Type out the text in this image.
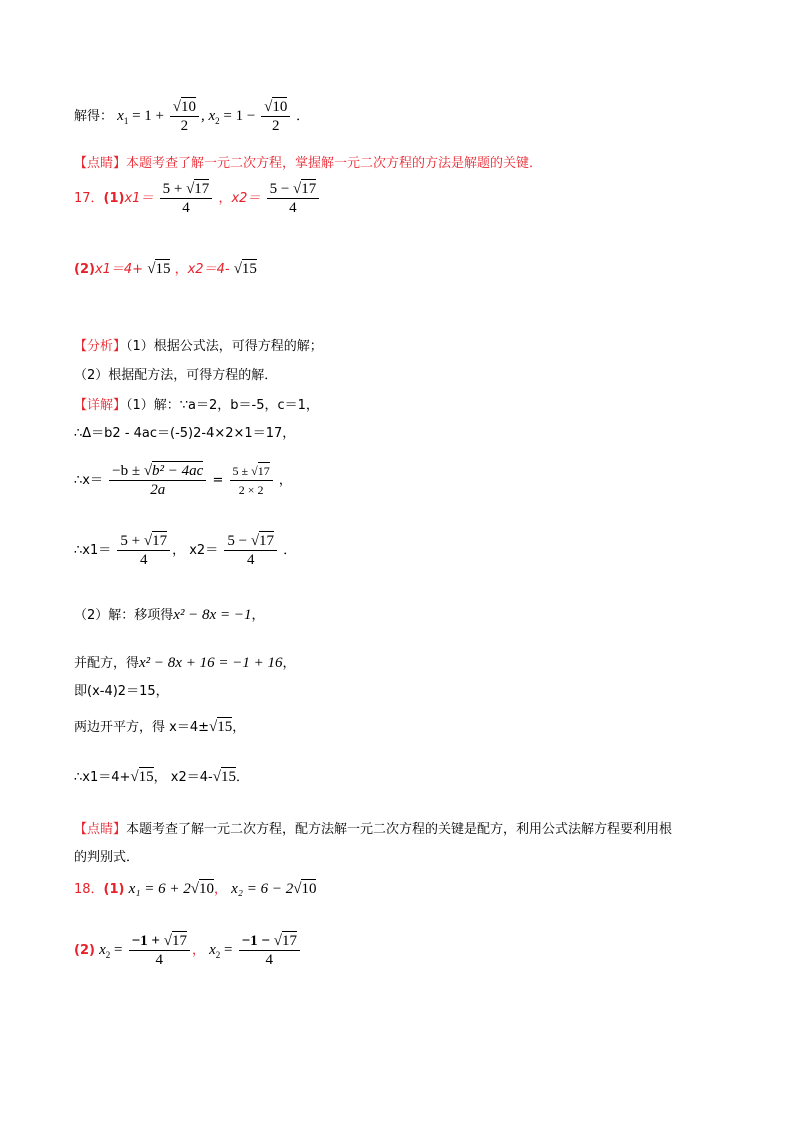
解得： $x_1 = 1 + \frac{√10}{2}$ , $x_2 = 1 - \frac{√10}{2}$ ．
【点睛】本题考查了解一元二次方程，掌握解一元二次方程的方法是解题的关键．
17．$(1)x1= \frac{5 + √17}{4}$ ，$x2= \frac{5 - √17}{4}$
(2)x1＝4+ √15 ，x2＝4- √15
【分析】（1）根据公式法，可得方程的解；
（2）根据配方法，可得方程的解．
【详解】（1）解：∵a＝2，b＝-5，c＝1，
∴Δ＝b2 - 4ac＝(-5)2-4×2×1＝17，
∴x＝ $\frac{\text{−b ± √b² − 4ac}}{2a} = \frac{5 \pm √17}{2 \times 2}$ ，
∴x1＝ $\frac{5 + √17}{4}$ ， $x2= \frac{5 - √17}{4}$ ．
（2）解：移项得x² − 8x = −1，
并配方，得x² − 8x + 16 = −1 + 16，
即(x-4)2＝15，
两边开平方，得 x＝4±√15，
∴x1＝4+√15， x2＝4-√15．
【点睛】本题考查了解一元二次方程，配方法解一元二次方程的关键是配方，利用公式法解方程要利用根
的判别式．
18．(1) x₁ = 6 + 2√10， x₂ = 6 − 2√10
(2) $x_2 = \frac{-1 + √17}{4}$ ， $x_2 = \frac{-1 - √17}{4}$
